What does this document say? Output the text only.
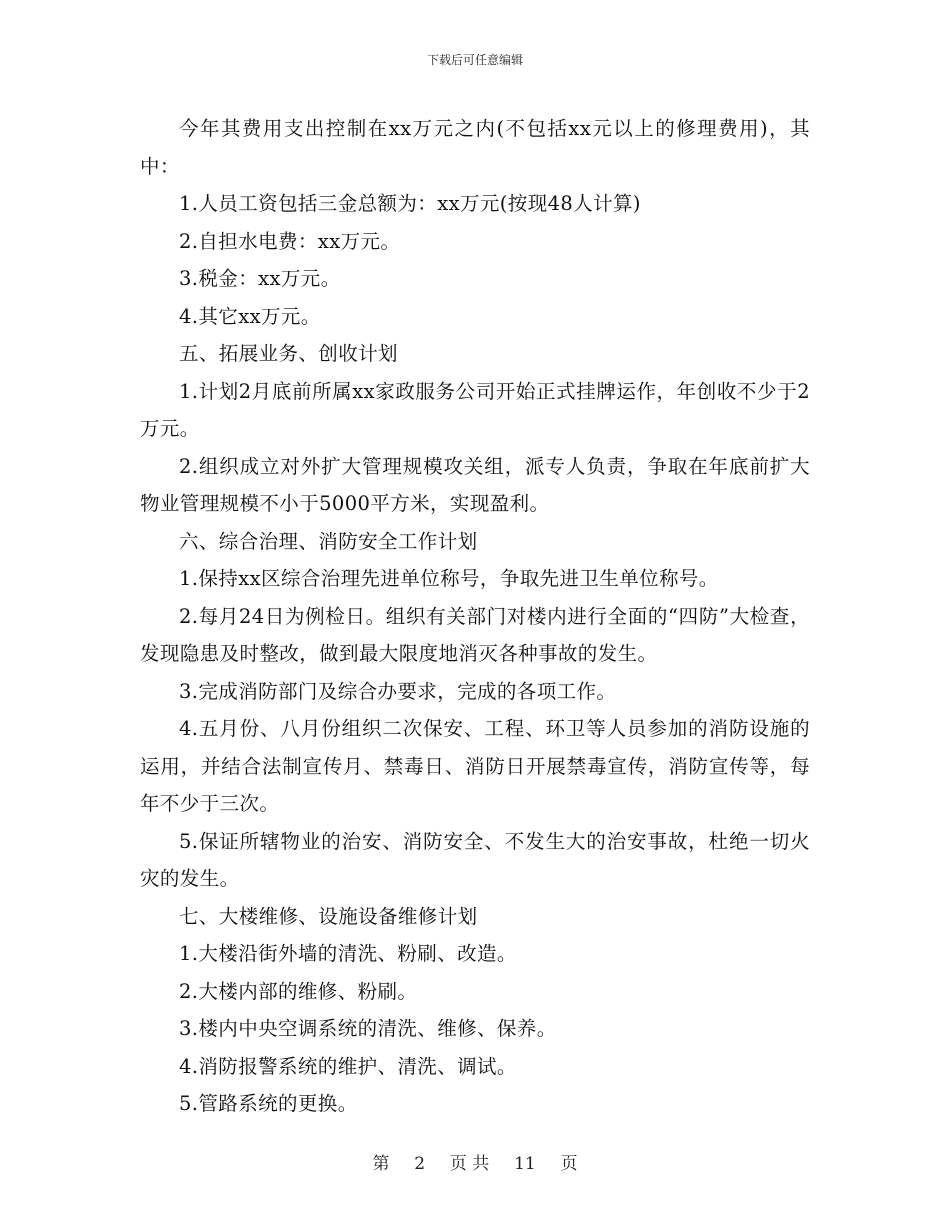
下载后可任意编辑

今年其费用支出控制在xx万元之内(不包括xx元以上的修理费用)，其中：

1.人员工资包括三金总额为：xx万元(按现48人计算)

2.自担水电费：xx万元。

3.税金：xx万元。

4.其它xx万元。

五、拓展业务、创收计划

1.计划2月底前所属xx家政服务公司开始正式挂牌运作，年创收不少于2万元。

2.组织成立对外扩大管理规模攻关组，派专人负责，争取在年底前扩大物业管理规模不小于5000平方米，实现盈利。

六、综合治理、消防安全工作计划

1.保持xx区综合治理先进单位称号，争取先进卫生单位称号。

2.每月24日为例检日。组织有关部门对楼内进行全面的“四防”大检查，发现隐患及时整改，做到最大限度地消灭各种事故的发生。

3.完成消防部门及综合办要求，完成的各项工作。

4.五月份、八月份组织二次保安、工程、环卫等人员参加的消防设施的运用，并结合法制宣传月、禁毒日、消防日开展禁毒宣传，消防宣传等，每年不少于三次。

5.保证所辖物业的治安、消防安全、不发生大的治安事故，杜绝一切火灾的发生。

七、大楼维修、设施设备维修计划

1.大楼沿街外墙的清洗、粉刷、改造。

2.大楼内部的维修、粉刷。

3.楼内中央空调系统的清洗、维修、保养。

4.消防报警系统的维护、清洗、调试。

5.管路系统的更换。

第 2 页 共 11 页
